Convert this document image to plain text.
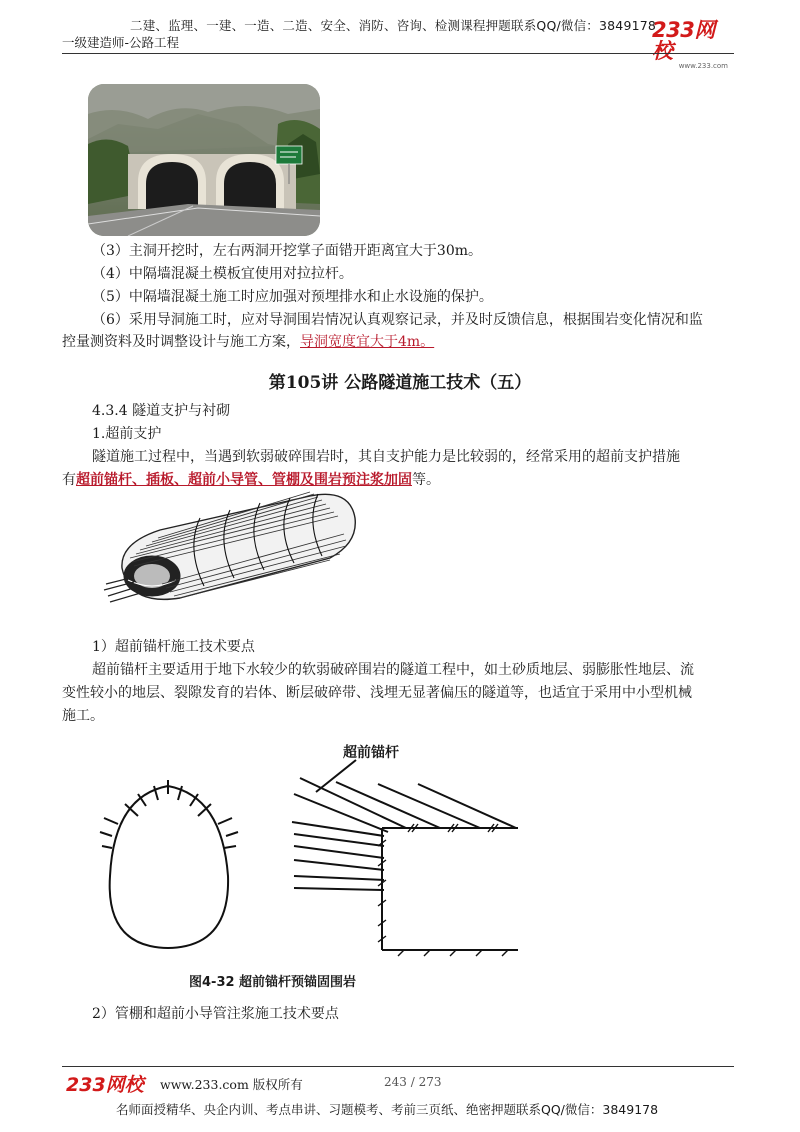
二建、监理、一建、一造、二造、安全、消防、咨询、检测课程押题联系QQ/微信：3849178
一级建造师-公路工程
233网校
www.233.com
（3）主洞开挖时，左右两洞开挖掌子面错开距离宜大于30m。
（4）中隔墙混凝土模板宜使用对拉拉杆。
（5）中隔墙混凝土施工时应加强对预埋排水和止水设施的保护。
（6）采用导洞施工时，应对导洞围岩情况认真观察记录，并及时反馈信息，根据围岩变化情况和监
控量测资料及时调整设计与施工方案，导洞宽度宜大于4m。
第105讲 公路隧道施工技术（五）
4.3.4 隧道支护与衬砌
1.超前支护
隧道施工过程中，当遇到软弱破碎围岩时，其自支护能力是比较弱的，经常采用的超前支护措施
有超前锚杆、插板、超前小导管、管棚及围岩预注浆加固等。
1）超前锚杆施工技术要点
超前锚杆主要适用于地下水较少的软弱破碎围岩的隧道工程中，如土砂质地层、弱膨胀性地层、流
变性较小的地层、裂隙发育的岩体、断层破碎带、浅埋无显著偏压的隧道等，也适宜于采用中小型机械
施工。
超前锚杆
图4-32 超前锚杆预锚固围岩
2）管棚和超前小导管注浆施工技术要点
233网校 www.233.com 版权所有	243 / 273
名师面授精华、央企内训、考点串讲、习题模考、考前三页纸、绝密押题联系QQ/微信：3849178
